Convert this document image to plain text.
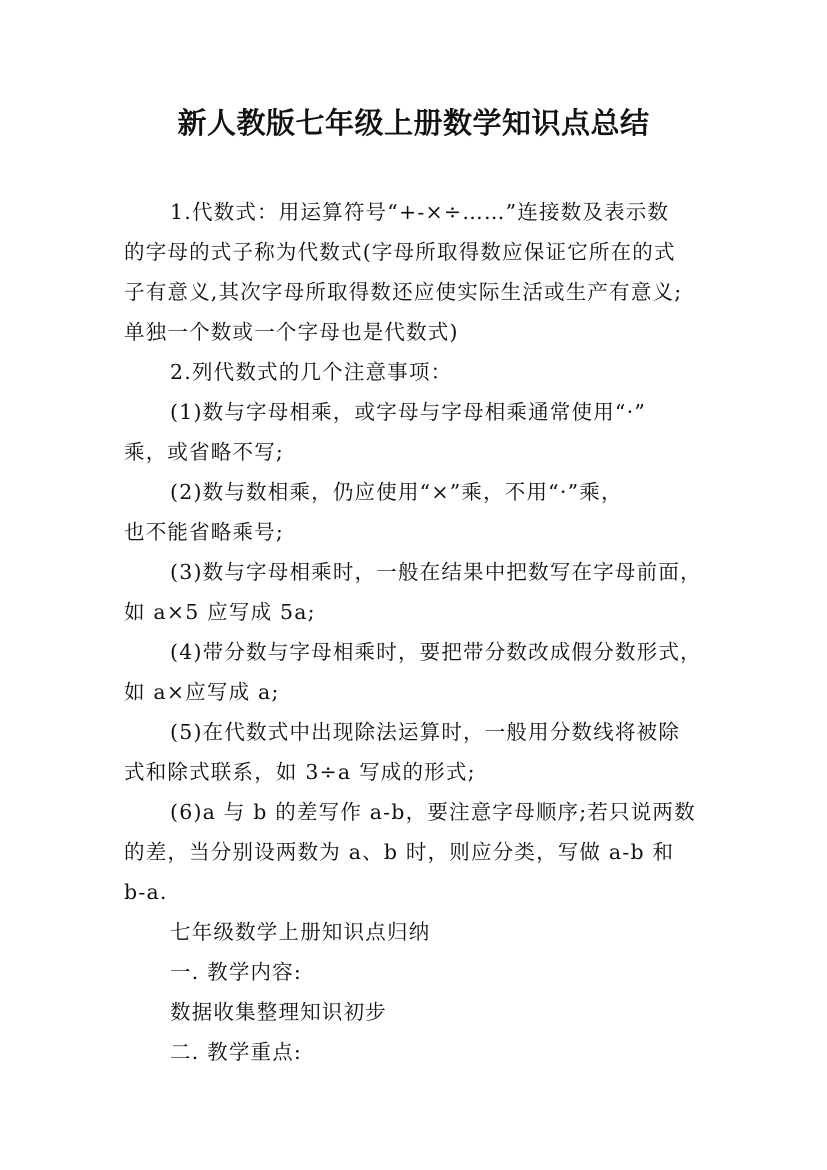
新人教版七年级上册数学知识点总结
1.代数式：用运算符号“+-×÷……”连接数及表示数
的字母的式子称为代数式(字母所取得数应保证它所在的式
子有意义,其次字母所取得数还应使实际生活或生产有意义;
单独一个数或一个字母也是代数式)
2.列代数式的几个注意事项：
(1)数与字母相乘，或字母与字母相乘通常使用“·”
乘，或省略不写;
(2)数与数相乘，仍应使用“×”乘，不用“·”乘，
也不能省略乘号;
(3)数与字母相乘时，一般在结果中把数写在字母前面，
如 a×5 应写成 5a;
(4)带分数与字母相乘时，要把带分数改成假分数形式，
如 a×应写成 a;
(5)在代数式中出现除法运算时，一般用分数线将被除
式和除式联系，如 3÷a 写成的形式;
(6)a 与 b 的差写作 a-b，要注意字母顺序;若只说两数
的差，当分别设两数为 a、b 时，则应分类，写做 a-b 和
b-a.
七年级数学上册知识点归纳
一. 教学内容:
数据收集整理知识初步
二. 教学重点:
